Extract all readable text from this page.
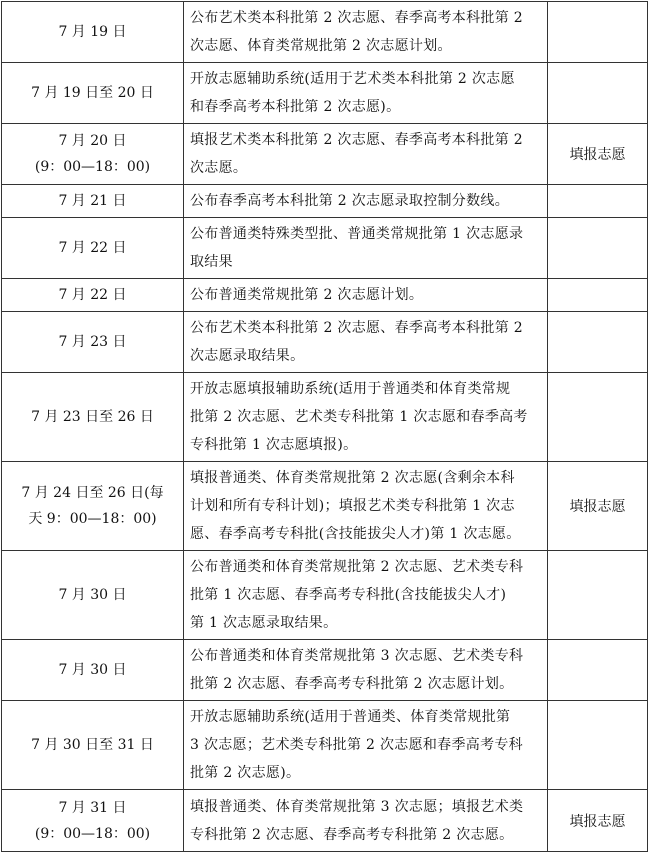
7 月 19 日	公布艺术类本科批第 2 次志愿、春季高考本科批第 2
次志愿、体育类常规批第 2 次志愿计划。	

7 月 19 日至 20 日	开放志愿辅助系统(适用于艺术类本科批第 2 次志愿
和春季高考本科批第 2 次志愿)。	

7 月 20 日
(9：00—18：00)	填报艺术类本科批第 2 次志愿、春季高考本科批第 2
次志愿。	填报志愿

7 月 21 日	公布春季高考本科批第 2 次志愿录取控制分数线。	

7 月 22 日	公布普通类特殊类型批、普通类常规批第 1 次志愿录
取结果	

7 月 22 日	公布普通类常规批第 2 次志愿计划。	

7 月 23 日	公布艺术类本科批第 2 次志愿、春季高考本科批第 2
次志愿录取结果。	

7 月 23 日至 26 日	开放志愿填报辅助系统(适用于普通类和体育类常规
批第 2 次志愿、艺术类专科批第 1 次志愿和春季高考
专科批第 1 次志愿填报)。	

7 月 24 日至 26 日(每
天 9：00—18：00)	填报普通类、体育类常规批第 2 次志愿(含剩余本科
计划和所有专科计划)；填报艺术类专科批第 1 次志
愿、春季高考专科批(含技能拔尖人才)第 1 次志愿。	填报志愿

7 月 30 日	公布普通类和体育类常规批第 2 次志愿、艺术类专科
批第 1 次志愿、春季高考专科批(含技能拔尖人才)
第 1 次志愿录取结果。	

7 月 30 日	公布普通类和体育类常规批第 3 次志愿、艺术类专科
批第 2 次志愿、春季高考专科批第 2 次志愿计划。	

7 月 30 日至 31 日	开放志愿辅助系统(适用于普通类、体育类常规批第
3 次志愿；艺术类专科批第 2 次志愿和春季高考专科
批第 2 次志愿)。	

7 月 31 日
(9：00—18：00)	填报普通类、体育类常规批第 3 次志愿；填报艺术类
专科批第 2 次志愿、春季高考专科批第 2 次志愿。	填报志愿
